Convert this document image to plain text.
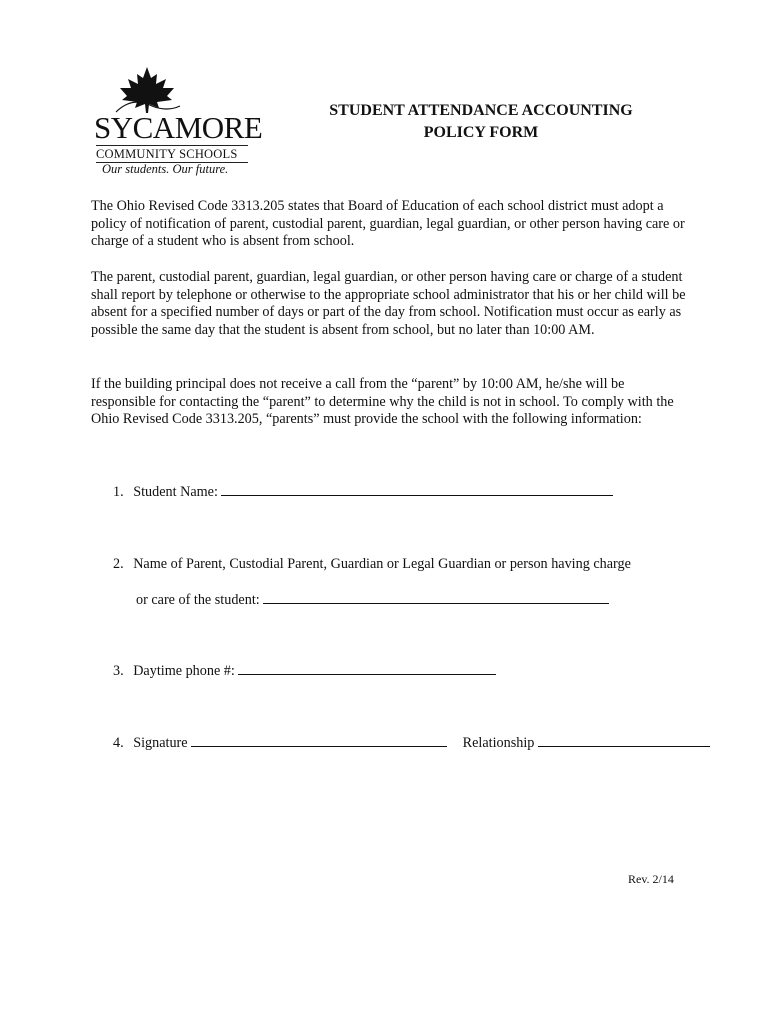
SYCAMORE
COMMUNITY SCHOOLS
Our students. Our future.
STUDENT ATTENDANCE ACCOUNTING
POLICY FORM

The Ohio Revised Code 3313.205 states that Board of Education of each school district must adopt a policy of notification of parent, custodial parent, guardian, legal guardian, or other person having care or charge of a student who is absent from school.

The parent, custodial parent, guardian, legal guardian, or other person having care or charge of a student shall report by telephone or otherwise to the appropriate school administrator that his or her child will be absent for a specified number of days or part of the day from school. Notification must occur as early as possible the same day that the student is absent from school, but no later than 10:00 AM.

If the building principal does not receive a call from the “parent” by 10:00 AM, he/she will be responsible for contacting the “parent” to determine why the child is not in school. To comply with the Ohio Revised Code 3313.205, “parents” must provide the school with the following information:

1. Student Name:
2. Name of Parent, Custodial Parent, Guardian or Legal Guardian or person having charge
or care of the student:
3. Daytime phone #:
4. Signature	Relationship
Rev. 2/14
